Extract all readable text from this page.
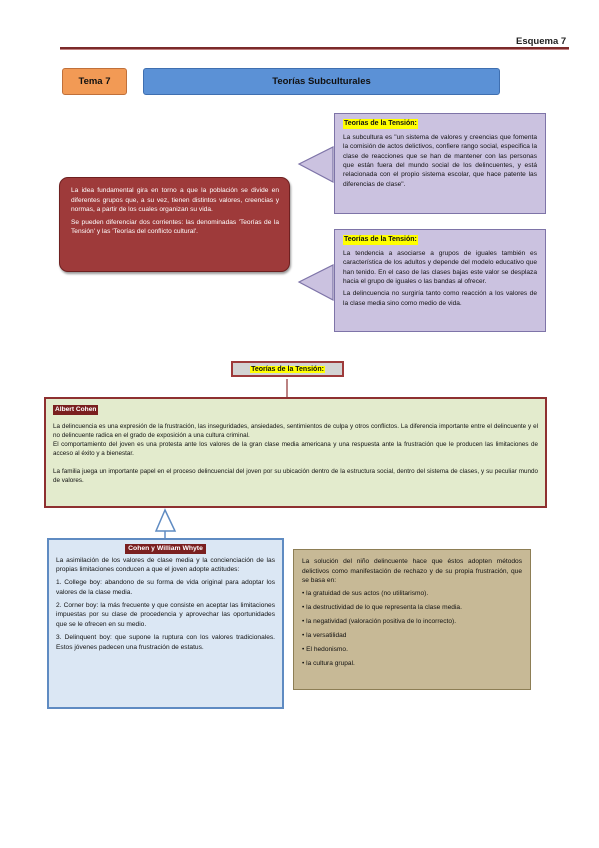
Esquema 7
Tema 7	Teorías Subculturales
Teorías de la Tensión:

La subcultura es "un sistema de valores y creencias que fomenta la comisión de actos delictivos, confiere rango social, especifica la clase de reacciones que se han de mantener con las personas que están fuera del mundo social de los delincuentes, y está relacionada con el propio sistema escolar, que hace patente las diferencias de clase".

La idea fundamental gira en torno a que la población se divide en diferentes grupos que, a su vez, tienen distintos valores, creencias y normas, a partir de los cuales organizan su vida.

Se pueden diferenciar dos corrientes: las denominadas 'Teorías de la Tensión' y las 'Teorías del conflicto cultural'.

Teorías de la Tensión:

La tendencia a asociarse a grupos de iguales también es característica de los adultos y depende del modelo educativo que han tenido. En el caso de las clases bajas este valor se desplaza hacia el grupo de iguales o las bandas al ofrecer.

La delincuencia no surgiría tanto como reacción a los valores de la clase media sino como medio de vida.

Teorías de la Tensión:
Albert Cohen

La delincuencia es una expresión de la frustración, las inseguridades, ansiedades, sentimientos de culpa y otros conflictos. La diferencia importante entre el delincuente y el no delincuente radica en el grado de exposición a una cultura criminal.

El comportamiento del joven es una protesta ante los valores de la gran clase media americana y una respuesta ante la frustración que le producen las limitaciones de acceso al éxito y a bienestar.

La familia juega un importante papel en el proceso delincuencial del joven por su ubicación dentro de la estructura social, dentro del sistema de clases, y su peculiar mundo de valores.

Cohen y William Whyte

La asimilación de los valores de clase media y la concienciación de las propias limitaciones conducen a que el joven adopte actitudes:

1. College boy: abandono de su forma de vida original para adoptar los valores de la clase media.

2. Corner boy: la más frecuente y que consiste en aceptar las limitaciones impuestas por su clase de procedencia y aprovechar las oportunidades que se le ofrecen en su medio.

3. Delinquent boy: que supone la ruptura con los valores tradicionales. Estos jóvenes padecen una frustración de estatus.

La solución del niño delincuente hace que éstos adopten métodos delictivos como manifestación de rechazo y de su propia frustración, que se basa en:

• la gratuidad de sus actos (no utilitarismo).
• la destructividad de lo que representa la clase media.
• la negatividad (valoración positiva de lo incorrecto).
• la versatilidad
• El hedonismo.
• la cultura grupal.
